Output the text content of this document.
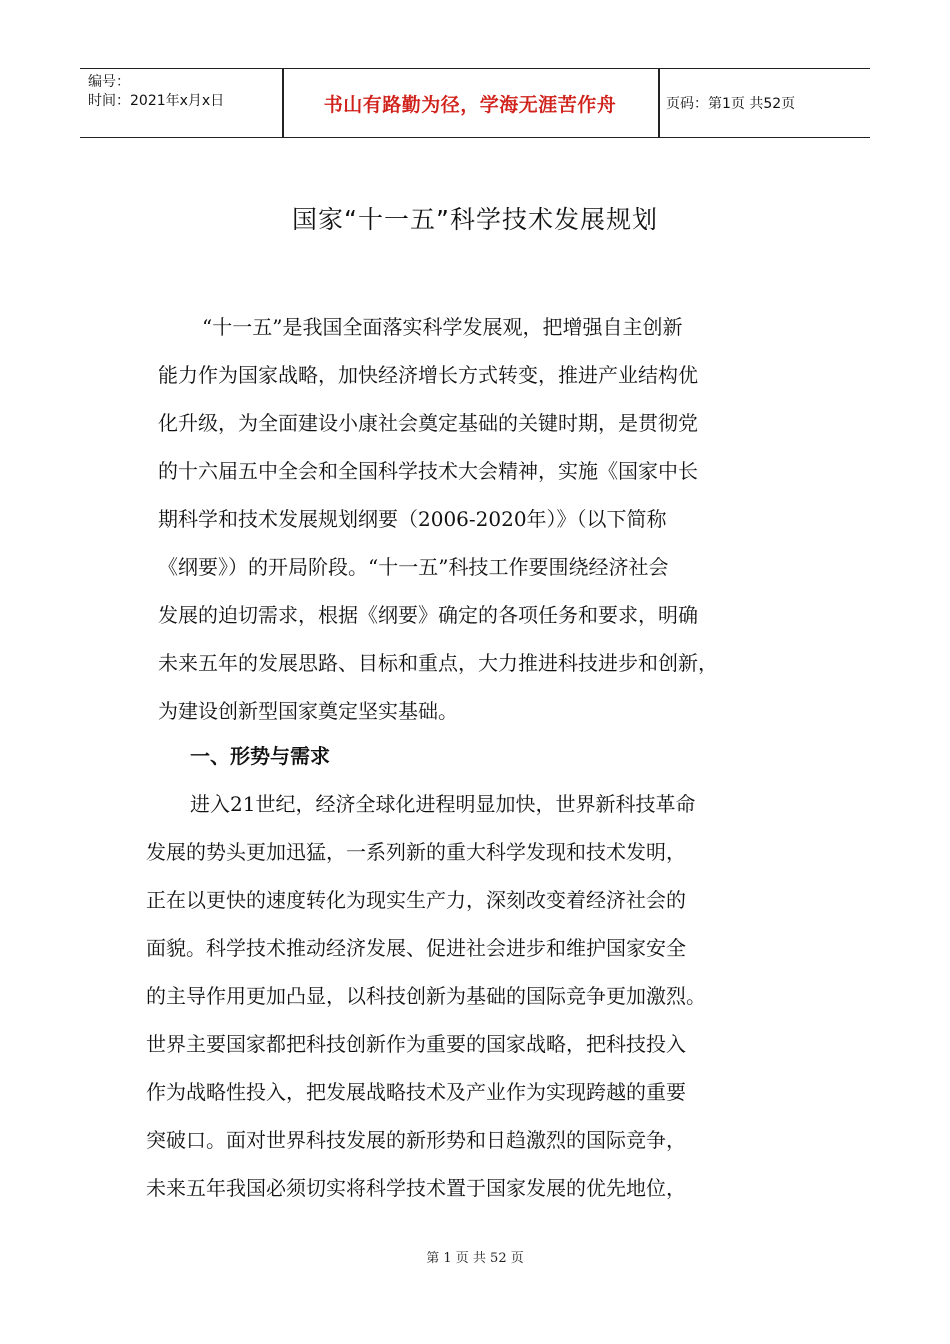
编号：
时间：2021年x月x日	书山有路勤为径，学海无涯苦作舟	页码：第1页 共52页
国家“十一五”科学技术发展规划
“十一五”是我国全面落实科学发展观，把增强自主创新
能力作为国家战略，加快经济增长方式转变，推进产业结构优
化升级，为全面建设小康社会奠定基础的关键时期，是贯彻党
的十六届五中全会和全国科学技术大会精神，实施《国家中长
期科学和技术发展规划纲要（2006-2020年）》（以下简称
《纲要》）的开局阶段。“十一五”科技工作要围绕经济社会
发展的迫切需求，根据《纲要》确定的各项任务和要求，明确
未来五年的发展思路、目标和重点，大力推进科技进步和创新，
为建设创新型国家奠定坚实基础。
一、形势与需求
进入21世纪，经济全球化进程明显加快，世界新科技革命
发展的势头更加迅猛，一系列新的重大科学发现和技术发明，
正在以更快的速度转化为现实生产力，深刻改变着经济社会的
面貌。科学技术推动经济发展、促进社会进步和维护国家安全
的主导作用更加凸显，以科技创新为基础的国际竞争更加激烈。
世界主要国家都把科技创新作为重要的国家战略，把科技投入
作为战略性投入，把发展战略技术及产业作为实现跨越的重要
突破口。面对世界科技发展的新形势和日趋激烈的国际竞争，
未来五年我国必须切实将科学技术置于国家发展的优先地位，
第 1 页 共 52 页
